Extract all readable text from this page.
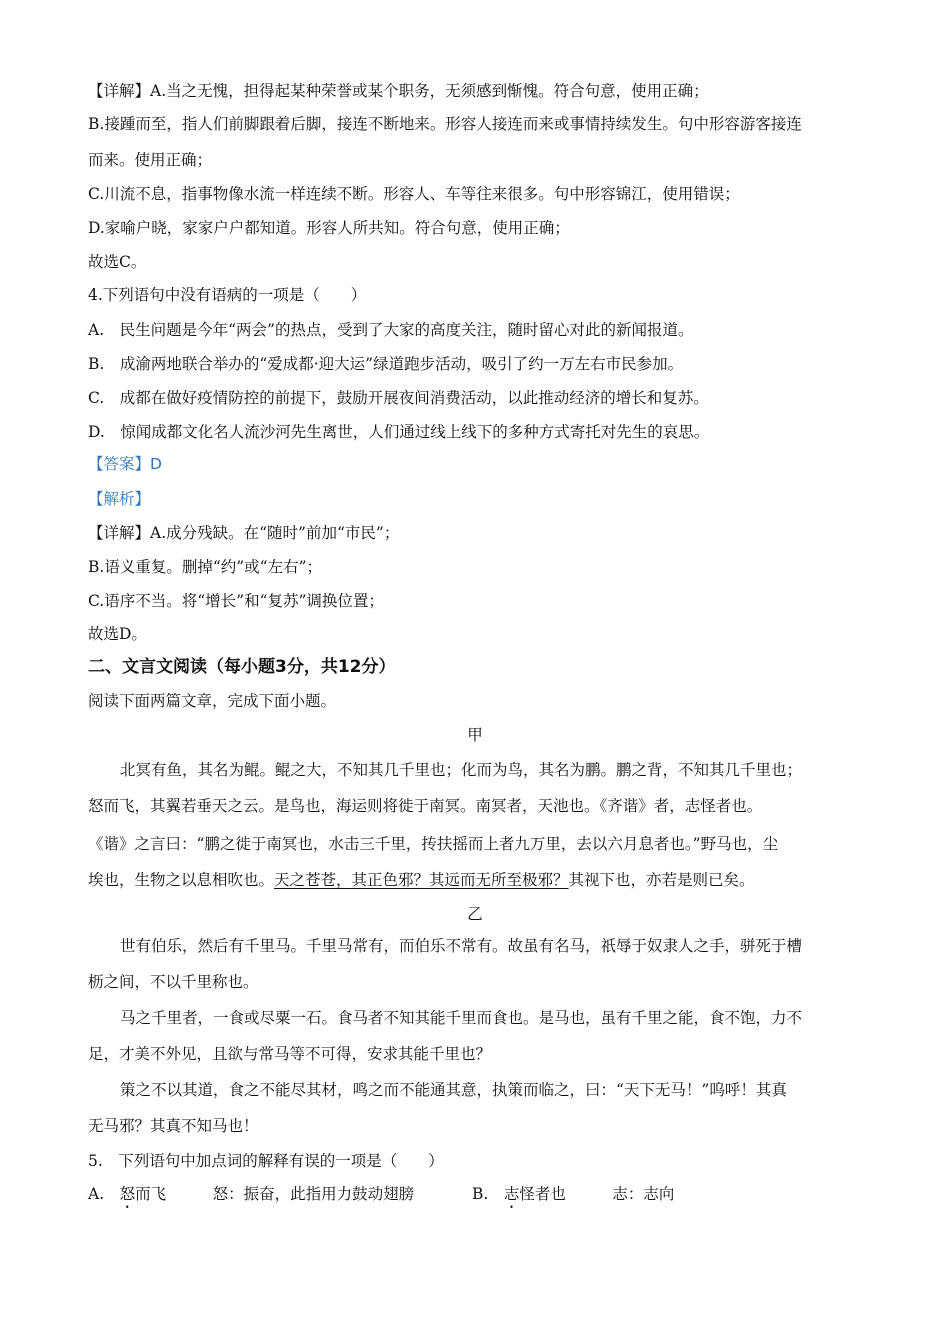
【详解】A.当之无愧，担得起某种荣誉或某个职务，无须感到惭愧。符合句意，使用正确；
B.接踵而至，指人们前脚跟着后脚，接连不断地来。形容人接连而来或事情持续发生。句中形容游客接连
而来。使用正确；
C.川流不息，指事物像水流一样连续不断。形容人、车等往来很多。句中形容锦江，使用错误；
D.家喻户晓，家家户户都知道。形容人所共知。符合句意，使用正确；
故选C。
4.下列语句中没有语病的一项是（　　）
A.　民生问题是今年“两会”的热点，受到了大家的高度关注，随时留心对此的新闻报道。
B.　成渝两地联合举办的“爱成都·迎大运”绿道跑步活动，吸引了约一万左右市民参加。
C.　成都在做好疫情防控的前提下，鼓励开展夜间消费活动，以此推动经济的增长和复苏。
D.　惊闻成都文化名人流沙河先生离世，人们通过线上线下的多种方式寄托对先生的哀思。
【答案】D
【解析】
【详解】A.成分残缺。在“随时”前加“市民”；
B.语义重复。删掉“约”或“左右”；
C.语序不当。将“增长”和“复苏”调换位置；
故选D。
二、文言文阅读（每小题3分，共12分）
阅读下面两篇文章，完成下面小题。
甲
北冥有鱼，其名为鲲。鲲之大，不知其几千里也；化而为鸟，其名为鹏。鹏之背，不知其几千里也；
怒而飞，其翼若垂天之云。是鸟也，海运则将徙于南冥。南冥者，天池也。《齐谐》者，志怪者也。
《谐》之言曰：“鹏之徙于南冥也，水击三千里，抟扶摇而上者九万里，去以六月息者也。”野马也，尘
埃也，生物之以息相吹也。天之苍苍，其正色邪？其远而无所至极邪？其视下也，亦若是则已矣。
乙
世有伯乐，然后有千里马。千里马常有，而伯乐不常有。故虽有名马，祇辱于奴隶人之手，骈死于槽
枥之间，不以千里称也。
马之千里者，一食或尽粟一石。食马者不知其能千里而食也。是马也，虽有千里之能，食不饱，力不
足，才美不外见，且欲与常马等不可得，安求其能千里也？
策之不以其道，食之不能尽其材，鸣之而不能通其意，执策而临之，曰：“天下无马！”呜呼！其真
无马邪？其真不知马也！
5.　下列语句中加点词的解释有误的一项是（　　）
A.　怒而飞　　　怒：振奋，此指用力鼓动翅膀	B.　志怪者也　　　志：志向
